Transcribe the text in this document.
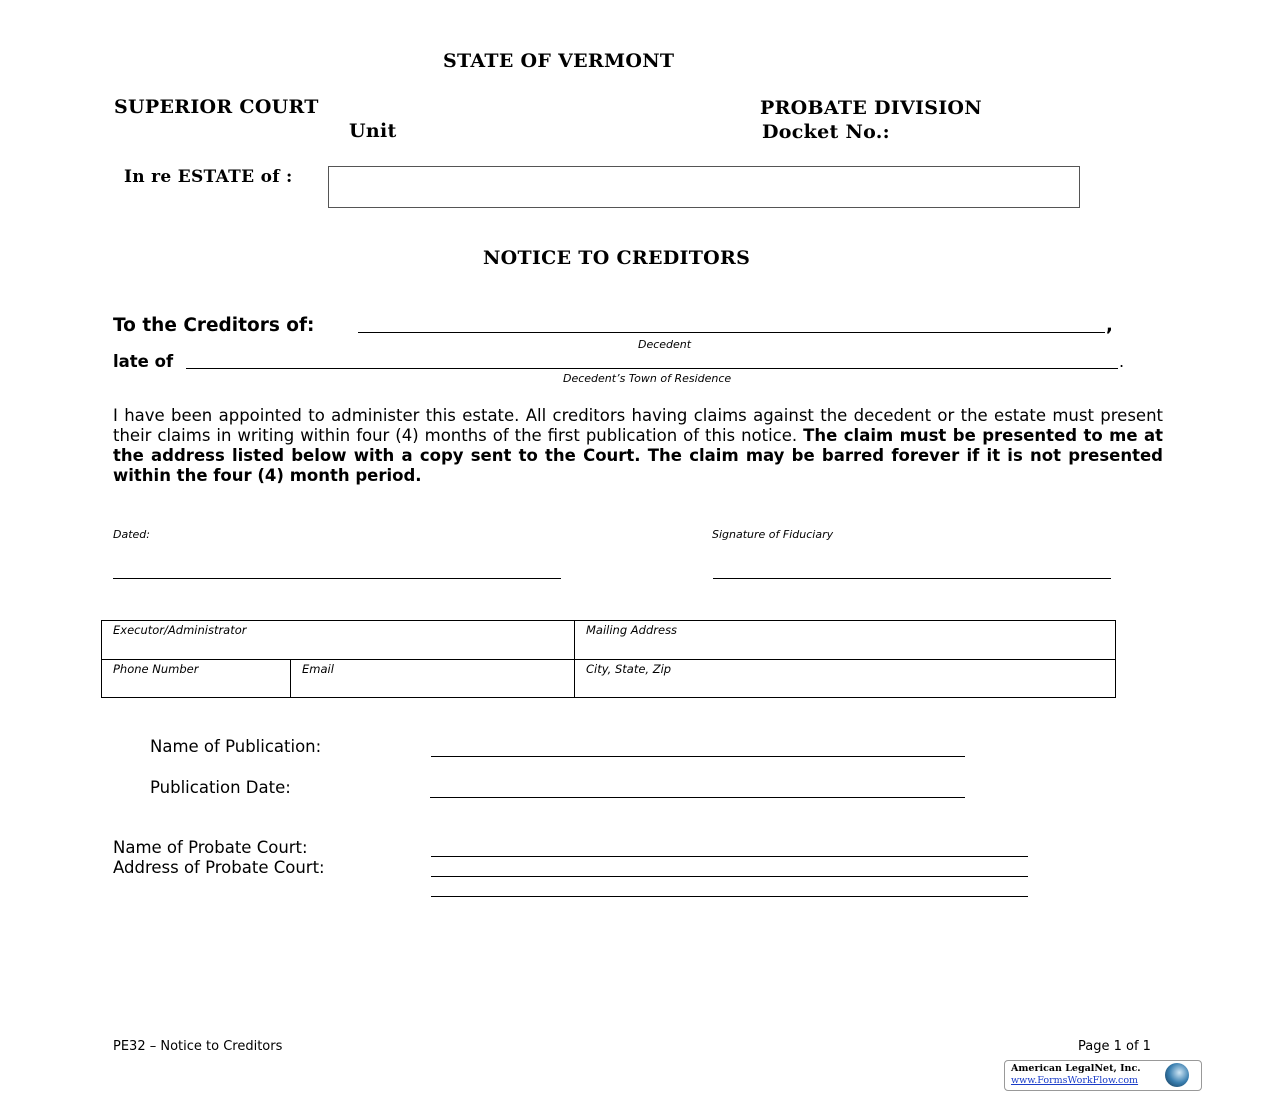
STATE OF VERMONT
SUPERIOR COURT
Unit
PROBATE DIVISION
Docket No.:
In re ESTATE of :
NOTICE TO CREDITORS
To the Creditors of:	,
Decedent
late of	.
Decedent’s Town of Residence
I have been appointed to administer this estate. All creditors having claims against the decedent or the estate must present their claims in writing within four (4) months of the first publication of this notice. The claim must be presented to me at the address listed below with a copy sent to the Court. The claim may be barred forever if it is not presented within the four (4) month period.
Dated:	Signature of Fiduciary
Executor/Administrator	Mailing Address
Phone Number	Email	City, State, Zip
Name of Publication:
Publication Date:
Name of Probate Court:
Address of Probate Court:
PE32 – Notice to Creditors	Page 1 of 1
American LegalNet, Inc.
www.FormsWorkFlow.com
